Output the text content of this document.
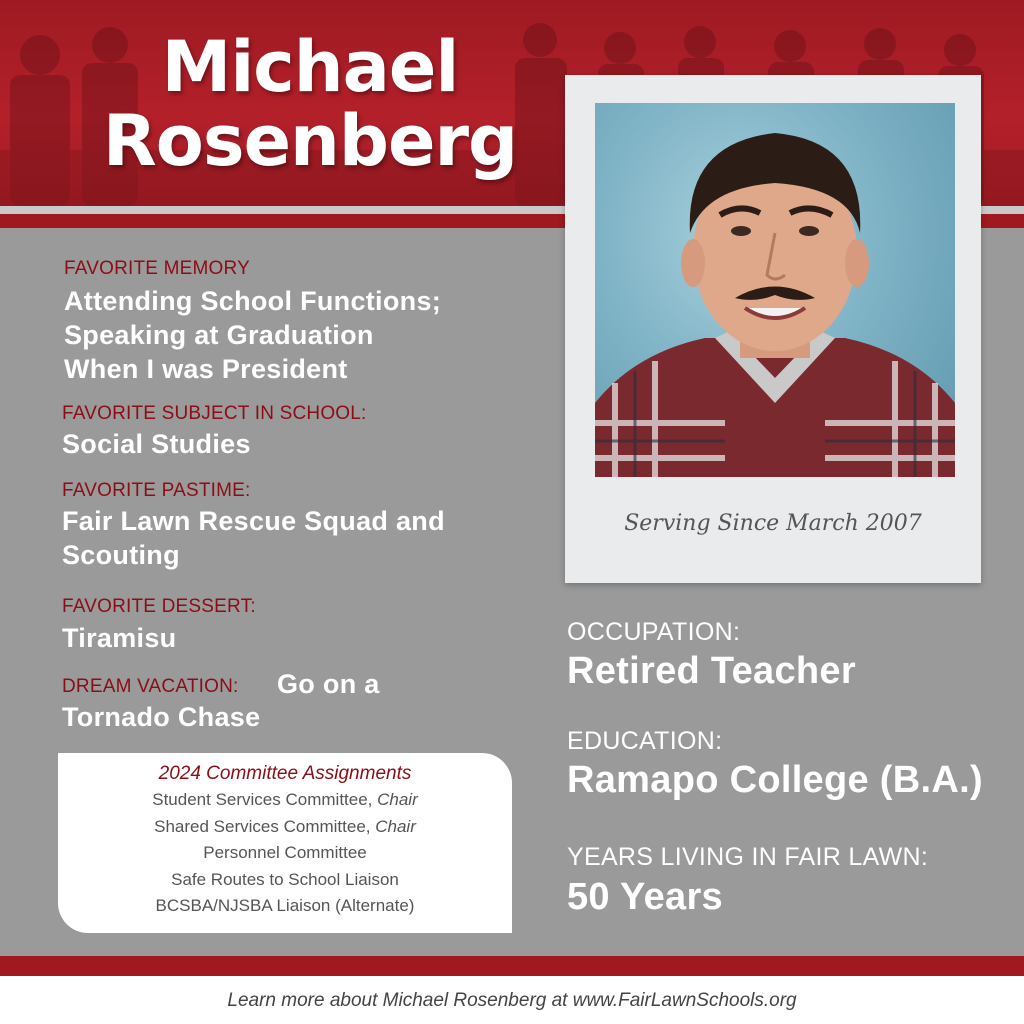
Michael
Rosenberg
FAVORITE MEMORY
Attending School Functions;
Speaking at Graduation
When I was President
FAVORITE SUBJECT IN SCHOOL:
Social Studies
FAVORITE PASTIME:
Fair Lawn Rescue Squad and
Scouting
FAVORITE DESSERT:
Tiramisu
DREAM VACATION: Go on a
Tornado Chase
2024 Committee Assignments
Student Services Committee, Chair
Shared Services Committee, Chair
Personnel Committee
Safe Routes to School Liaison
BCSBA/NJSBA Liaison (Alternate)
Serving Since March 2007
OCCUPATION:
Retired Teacher
EDUCATION:
Ramapo College (B.A.)
YEARS LIVING IN FAIR LAWN:
50 Years
Learn more about Michael Rosenberg at www.FairLawnSchools.org
